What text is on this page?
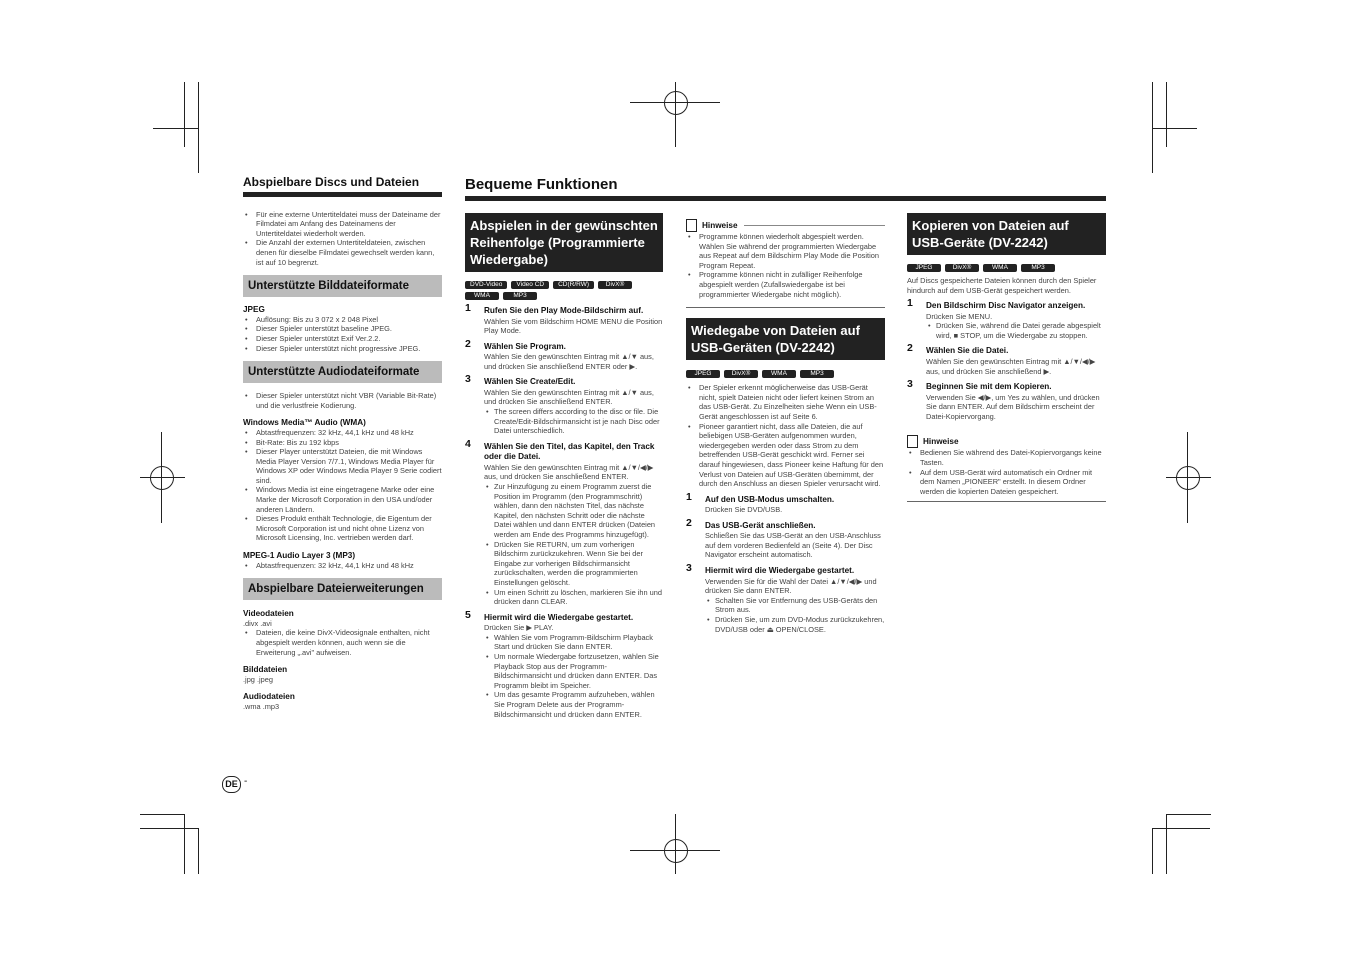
Abspielbare Discs und Dateien
• Für eine externe Untertiteldatei muss der Dateiname der Filmdatei am Anfang des Dateinamens der Untertiteldatei wiederholt werden.
• Die Anzahl der externen Untertiteldateien, zwischen denen für dieselbe Filmdatei gewechselt werden kann, ist auf 10 begrenzt.
Unterstützte Bilddateiformate
JPEG
• Auflösung: Bis zu 3 072 x 2 048 Pixel
• Dieser Spieler unterstützt baseline JPEG.
• Dieser Spieler unterstützt Exif Ver.2.2.
• Dieser Spieler unterstützt nicht progressive JPEG.
Unterstützte Audiodateiformate
• Dieser Spieler unterstützt nicht VBR (Variable Bit-Rate) und die verlustfreie Kodierung.
Windows Media™ Audio (WMA)
• Abtastfrequenzen: 32 kHz, 44,1 kHz und 48 kHz
• Bit-Rate: Bis zu 192 kbps
• Dieser Player unterstützt Dateien, die mit Windows Media Player Version 7/7.1, Windows Media Player für Windows XP oder Windows Media Player 9 Serie codiert sind.
• Windows Media ist eine eingetragene Marke oder eine Marke der Microsoft Corporation in den USA und/oder anderen Ländern.
• Dieses Produkt enthält Technologie, die Eigentum der Microsoft Corporation ist und nicht ohne Lizenz von Microsoft Licensing, Inc. vertrieben werden darf.
MPEG-1 Audio Layer 3 (MP3)
• Abtastfrequenzen: 32 kHz, 44,1 kHz und 48 kHz
Abspielbare Dateierweiterungen
Videodateien
.divx .avi
• Dateien, die keine DivX-Videosignale enthalten, nicht abgespielt werden können, auch wenn sie die Erweiterung „.avi" aufweisen.
Bilddateien
.jpg .jpeg
Audiodateien
.wma .mp3
DE -
Bequeme Funktionen
Abspielen in der gewünschten Reihenfolge (Programmierte Wiedergabe)
DVD-Video	Video CD	CD(R/RW)	DivX®
WMA	MP3
1 Rufen Sie den Play Mode-Bildschirm auf.
Wählen Sie vom Bildschirm HOME MENU die Position Play Mode.
2 Wählen Sie Program.
Wählen Sie den gewünschten Eintrag mit ▲/▼ aus, und drücken Sie anschließend ENTER oder ▶.
3 Wählen Sie Create/Edit.
Wählen Sie den gewünschten Eintrag mit ▲/▼ aus, und drücken Sie anschließend ENTER.
• The screen differs according to the disc or file. Die Create/Edit-Bildschirmansicht ist je nach Disc oder Datei unterschiedlich.
4 Wählen Sie den Titel, das Kapitel, den Track oder die Datei.
Wählen Sie den gewünschten Eintrag mit ▲/▼/◀/▶ aus, und drücken Sie anschließend ENTER.
• Zur Hinzufügung zu einem Programm zuerst die Position im Programm (den Programmschritt) wählen, dann den nächsten Titel, das nächste Kapitel, den nächsten Schritt oder die nächste Datei wählen und dann ENTER drücken (Dateien werden am Ende des Programms hinzugefügt).
• Drücken Sie RETURN, um zum vorherigen Bildschirm zurückzukehren. Wenn Sie bei der Eingabe zur vorherigen Bildschirmansicht zurückschalten, werden die programmierten Einstellungen gelöscht.
• Um einen Schritt zu löschen, markieren Sie ihn und drücken dann CLEAR.
5 Hiermit wird die Wiedergabe gestartet.
Drücken Sie ▶ PLAY.
• Wählen Sie vom Programm-Bildschirm Playback Start und drücken Sie dann ENTER.
• Um normale Wiedergabe fortzusetzen, wählen Sie Playback Stop aus der Programm-Bildschirmansicht und drücken dann ENTER. Das Programm bleibt im Speicher.
• Um das gesamte Programm aufzuheben, wählen Sie Program Delete aus der Programm-Bildschirmansicht und drücken dann ENTER.
Hinweise
• Programme können wiederholt abgespielt werden. Wählen Sie während der programmierten Wiedergabe aus Repeat auf dem Bildschirm Play Mode die Position Program Repeat.
• Programme können nicht in zufälliger Reihenfolge abgespielt werden (Zufallswiedergabe ist bei programmierter Wiedergabe nicht möglich).
Wiedegabe von Dateien auf USB-Geräten (DV-2242)
JPEG	DivX®	WMA	MP3
• Der Spieler erkennt möglicherweise das USB-Gerät nicht, spielt Dateien nicht oder liefert keinen Strom an das USB-Gerät. Zu Einzelheiten siehe Wenn ein USB-Gerät angeschlossen ist auf Seite 6.
• Pioneer garantiert nicht, dass alle Dateien, die auf beliebigen USB-Geräten aufgenommen wurden, wiedergegeben werden oder dass Strom zu dem betreffenden USB-Gerät geschickt wird. Ferner sei darauf hingewiesen, dass Pioneer keine Haftung für den Verlust von Dateien auf USB-Geräten übernimmt, der durch den Anschluss an diesen Spieler verursacht wird.
1 Auf den USB-Modus umschalten.
Drücken Sie DVD/USB.
2 Das USB-Gerät anschließen.
Schließen Sie das USB-Gerät an den USB-Anschluss auf dem vorderen Bedienfeld an (Seite 4). Der Disc Navigator erscheint automatisch.
3 Hiermit wird die Wiedergabe gestartet.
Verwenden Sie für die Wahl der Datei ▲/▼/◀/▶ und drücken Sie dann ENTER.
• Schalten Sie vor Entfernung des USB-Geräts den Strom aus.
• Drücken Sie, um zum DVD-Modus zurückzukehren, DVD/USB oder ⏏ OPEN/CLOSE.
Kopieren von Dateien auf USB-Geräte (DV-2242)
JPEG	DivX®	WMA	MP3
Auf Discs gespeicherte Dateien können durch den Spieler hindurch auf dem USB-Gerät gespeichert werden.
1 Den Bildschirm Disc Navigator anzeigen.
Drücken Sie MENU.
• Drücken Sie, während die Datei gerade abgespielt wird, ■ STOP, um die Wiedergabe zu stoppen.
2 Wählen Sie die Datei.
Wählen Sie den gewünschten Eintrag mit ▲/▼/◀/▶ aus, und drücken Sie anschließend ▶.
3 Beginnen Sie mit dem Kopieren.
Verwenden Sie ◀/▶, um Yes zu wählen, und drücken Sie dann ENTER. Auf dem Bildschirm erscheint der Datei-Kopiervorgang.
Hinweise
• Bedienen Sie während des Datei-Kopiervorgangs keine Tasten.
• Auf dem USB-Gerät wird automatisch ein Ordner mit dem Namen „PIONEER" erstellt. In diesem Ordner werden die kopierten Dateien gespeichert.
